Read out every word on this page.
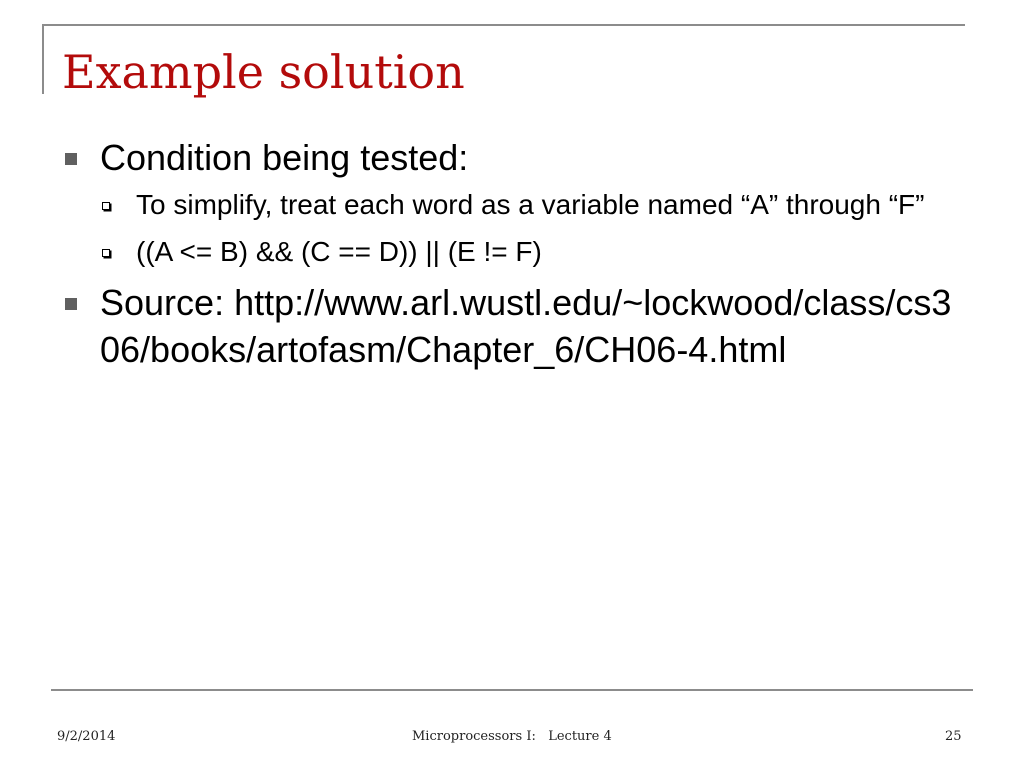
Example solution
Condition being tested:
To simplify, treat each word as a variable named “A” through “F”
((A <= B) && (C == D)) || (E != F)
Source: http://www.arl.wustl.edu/~lockwood/class/cs306/books/artofasm/Chapter_6/CH06-4.html
9/2/2014	Microprocessors I:   Lecture 4	25
